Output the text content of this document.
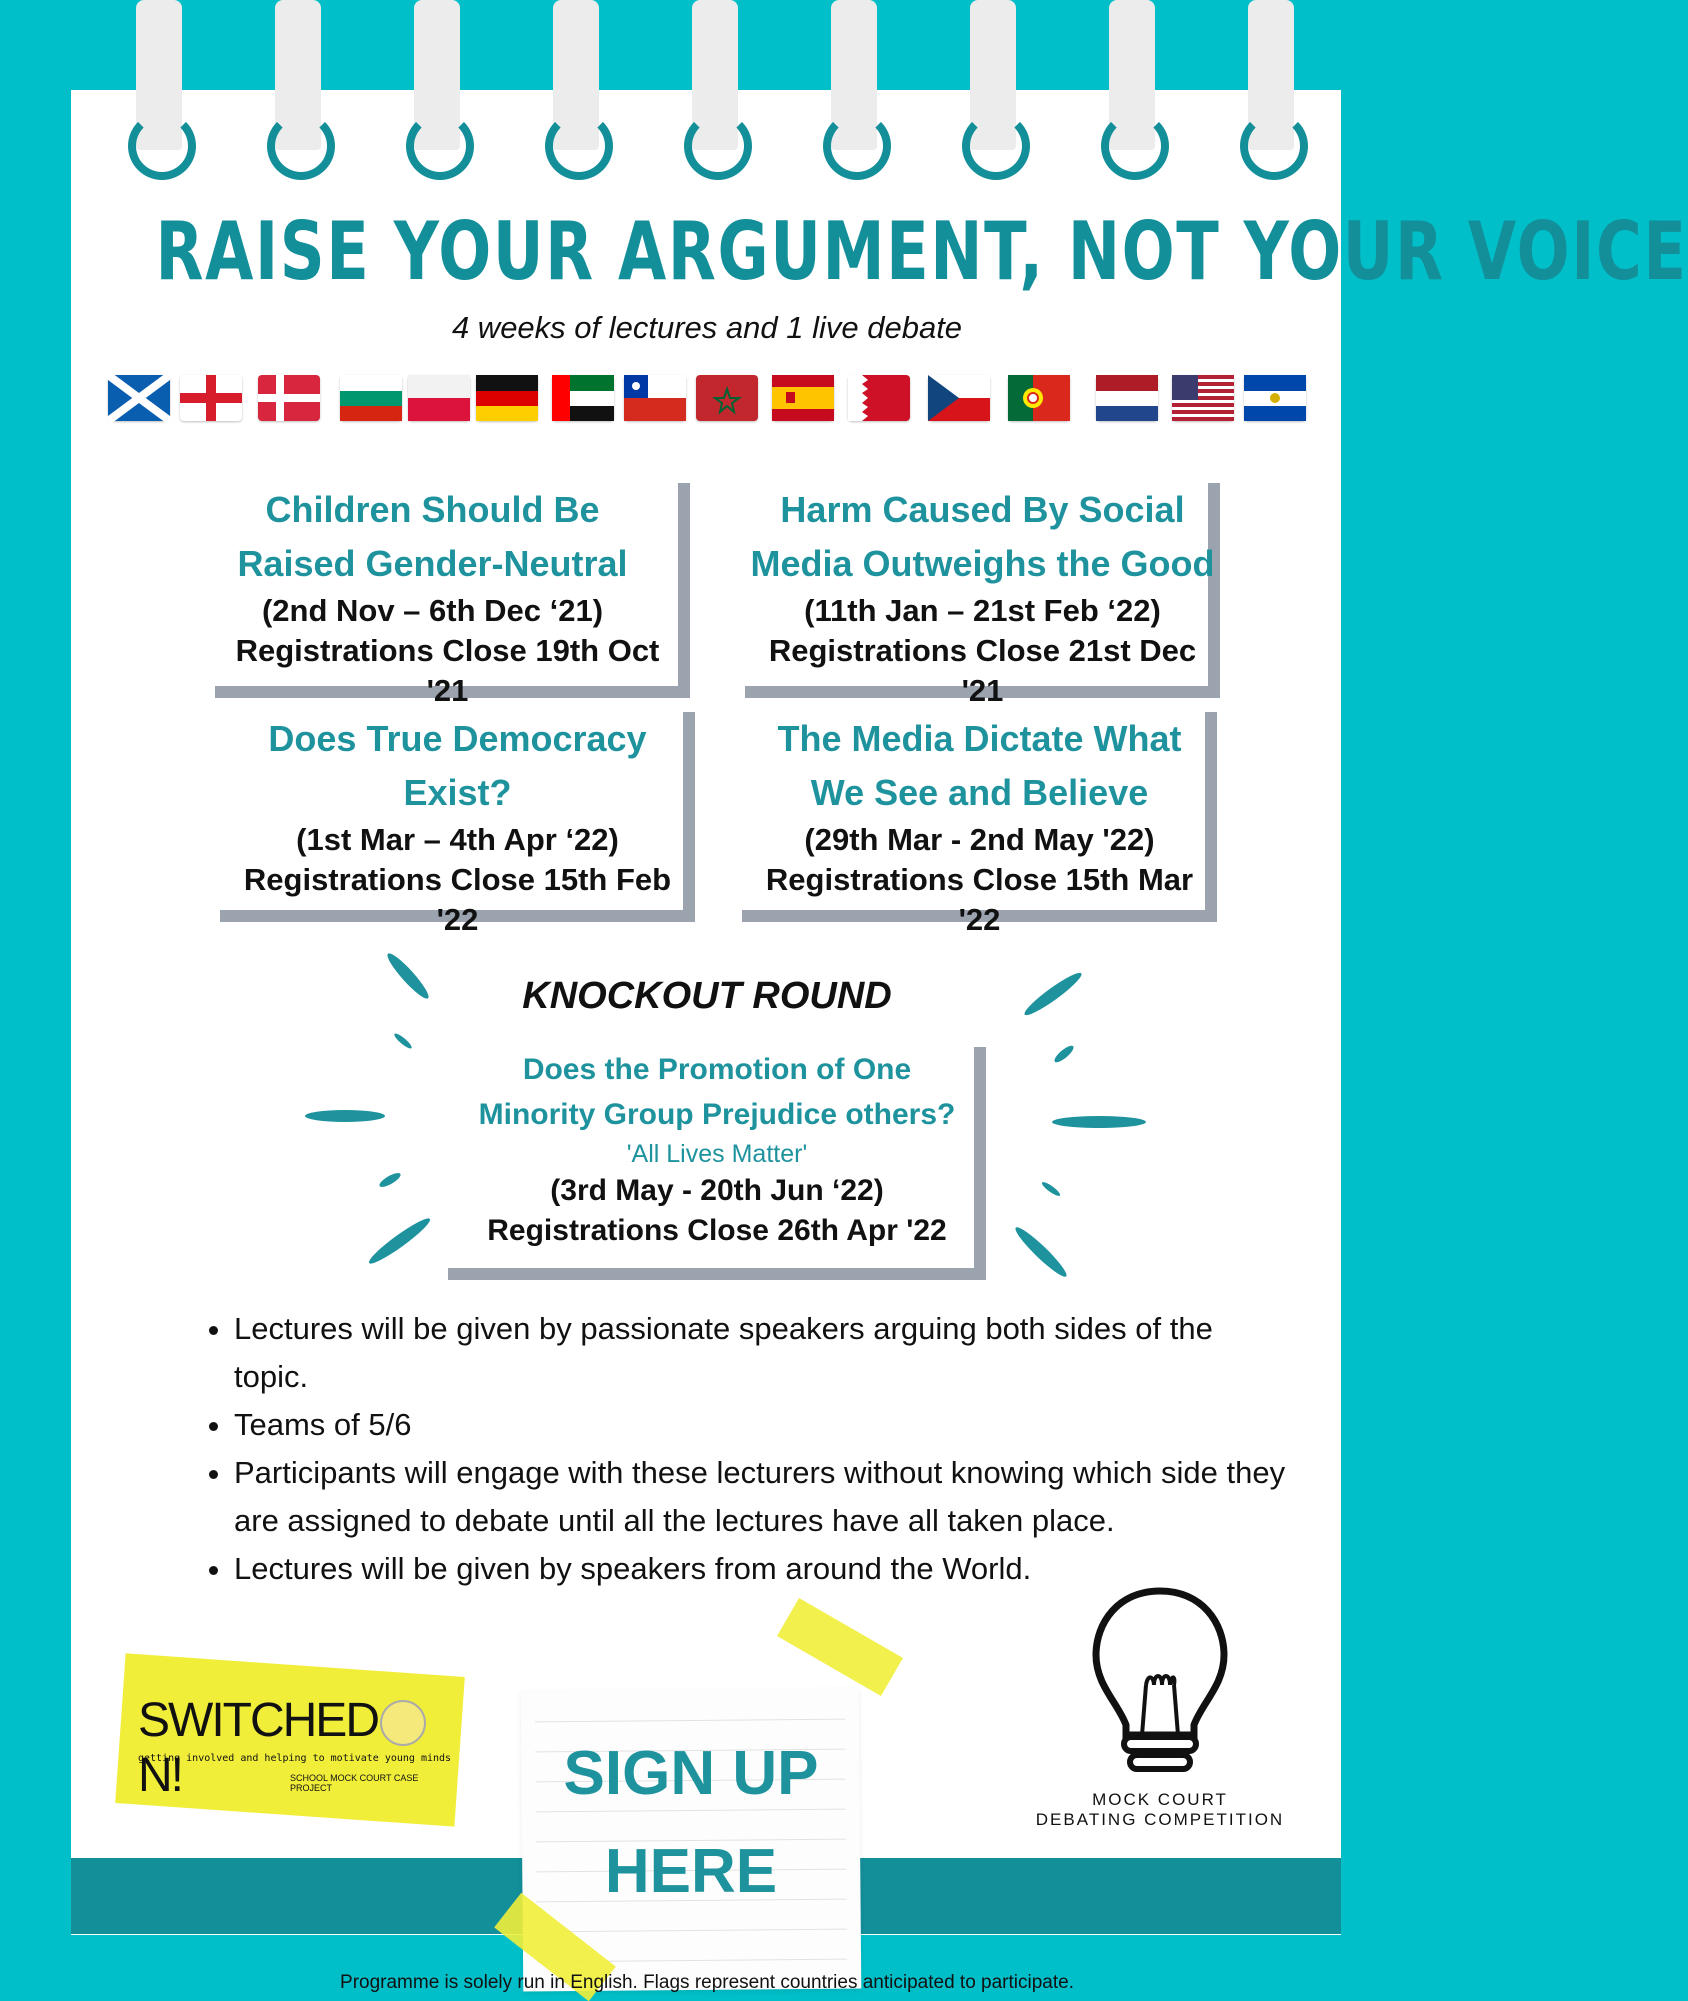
RAISE YOUR ARGUMENT, NOT YOUR VOICE
4 weeks of lectures and 1 live debate
Children Should Be
Raised Gender-Neutral
(2nd Nov – 6th Dec ‘21)
Registrations Close 19th Oct '21
Harm Caused By Social
Media Outweighs the Good
(11th Jan – 21st Feb ‘22)
Registrations Close 21st Dec '21
Does True Democracy
Exist?
(1st Mar – 4th Apr ‘22)
Registrations Close 15th Feb '22
The Media Dictate What
We See and Believe
(29th Mar - 2nd May '22)
Registrations Close 15th Mar '22
KNOCKOUT ROUND
Does the Promotion of One
Minority Group Prejudice others?
'All Lives Matter'
(3rd May - 20th Jun ‘22)
Registrations Close 26th Apr '22
• Lectures will be given by passionate speakers arguing both sides of the topic.
• Teams of 5/6
• Participants will engage with these lecturers without knowing which side they are assigned to debate until all the lectures have all taken place.
• Lectures will be given by speakers from around the World.
SWITCHEDN!
getting involved and helping to motivate young minds
SCHOOL MOCK COURT CASE PROJECT	SIGN UP
HERE
MOCK COURT
DEBATING COMPETITION
Programme is solely run in English. Flags represent countries anticipated to participate.
